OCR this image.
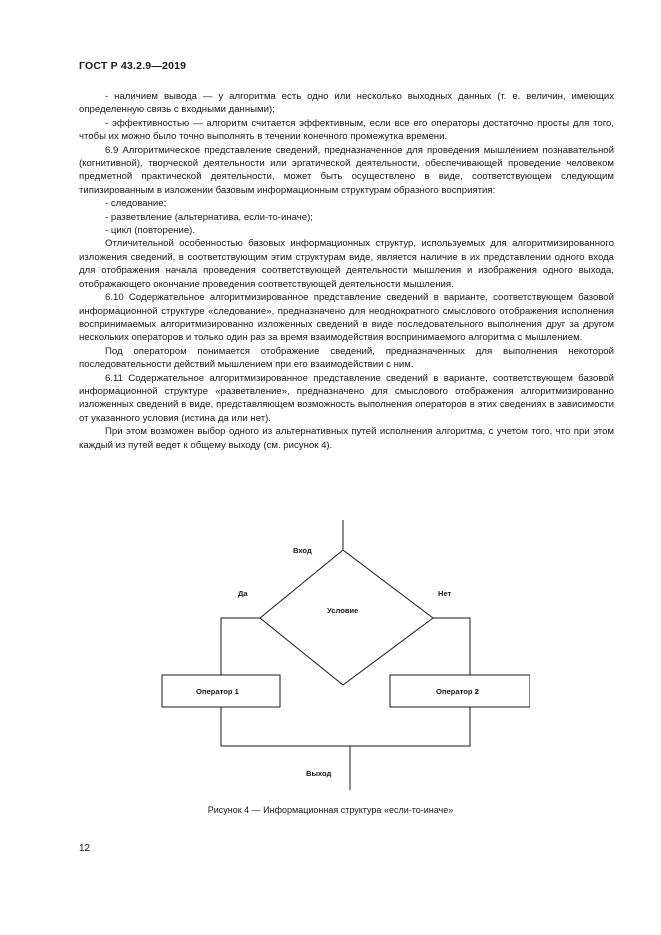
ГОСТ Р 43.2.9—2019

- наличием вывода — у алгоритма есть одно или несколько выходных данных (т. е. величин, имеющих определенную связь с входными данными);

- эффективностью — алгоритм считается эффективным, если все его операторы достаточно просты для того, чтобы их можно было точно выполнять в течении конечного промежутка времени.

6.9 Алгоритмическое представление сведений, предназначенное для проведения мышлением познавательной (когнитивной), творческой деятельности или эргатической деятельности, обеспечивающей проведение человеком предметной практической деятельности, может быть осуществлено в виде, соответствующем следующим типизированным в изложении базовым информационным структурам образного восприятия:

- следование;

- разветвление (альтернатива, если-то-иначе);

- цикл (повторение).

Отличительной особенностью базовых информационных структур, используемых для алгоритмизированного изложения сведений, в соответствующим этим структурам виде, является наличие в их представлении одного входа для отображения начала проведения соответствующей деятельности мышления и изображения одного выхода, отображающего окончание проведения соответствующей деятельности мышления.

6.10 Содержательное алгоритмизированное представление сведений в варианте, соответствующем базовой информационной структуре «следование», предназначено для неоднократного смыслового отображения исполнения воспринимаемых алгоритмизированно изложенных сведений в виде последовательного выполнения друг за другом нескольких операторов и только один раз за время взаимодействия воспринимаемого алгоритма с мышлением.

Под оператором понимается отображение сведений, предназначенных для выполнения некоторой последовательности действий мышлением при его взаимодействии с ним.

6.11 Содержательное алгоритмизированное представление сведений в варианте, соответствующем базовой информационной структуре «разветвление», предназначено для смыслового отображения алгоритмизированно изложенных сведений в виде, представляющем возможность выполнения операторов в этих сведениях в зависимости от указанного условия (истина да или нет).

При этом возможен выбор одного из альтернативных путей исполнения алгоритма, с учетом того, что при этом каждый из путей ведет к общему выходу (см. рисунок 4).

Вход
Да	Нет
Условие
Оператор 1	Оператор 2
Выход
Рисунок 4 — Информационная структура «если-то-иначе»
12
